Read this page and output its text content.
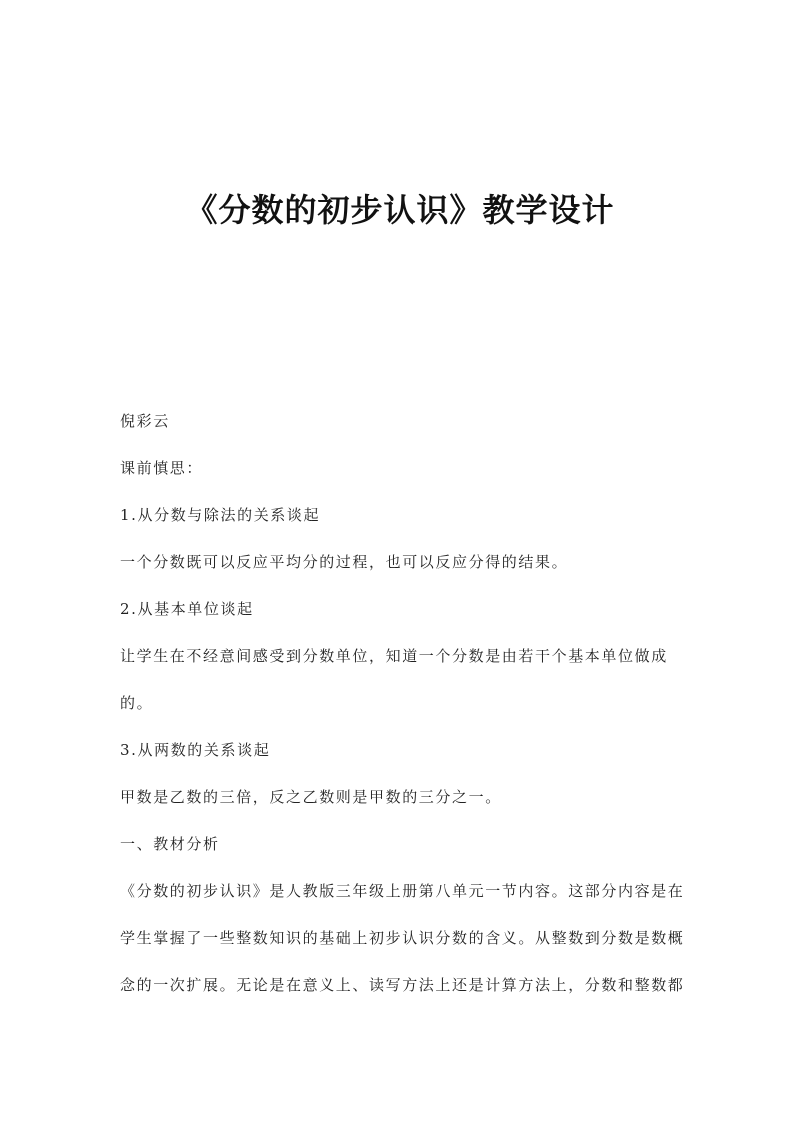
《分数的初步认识》教学设计
倪彩云
课前慎思：
1.从分数与除法的关系谈起
一个分数既可以反应平均分的过程，也可以反应分得的结果。
2.从基本单位谈起
让学生在不经意间感受到分数单位，知道一个分数是由若干个基本单位做成
的。
3.从两数的关系谈起
甲数是乙数的三倍，反之乙数则是甲数的三分之一。
一、教材分析
《分数的初步认识》是人教版三年级上册第八单元一节内容。这部分内容是在
学生掌握了一些整数知识的基础上初步认识分数的含义。从整数到分数是数概
念的一次扩展。无论是在意义上、读写方法上还是计算方法上，分数和整数都
